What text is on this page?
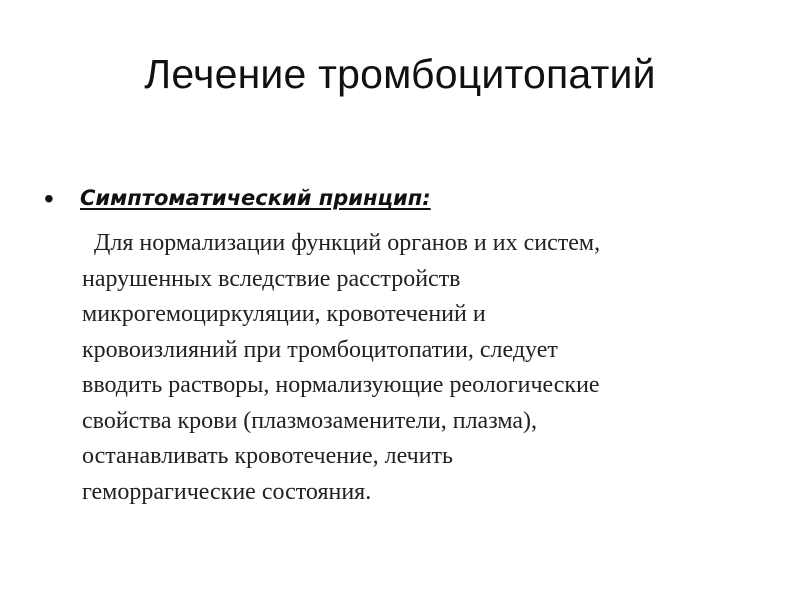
Лечение тромбоцитопатий
• Симптоматический принцип:

Для нормализации функций органов и их систем,
нарушенных вследствие расстройств
микрогемоциркуляции, кровотечений и
кровоизлияний при тромбоцитопатии, следует
вводить растворы, нормализующие реологические
свойства крови (плазмозаменители, плазма),
останавливать кровотечение, лечить
геморрагические состояния.
